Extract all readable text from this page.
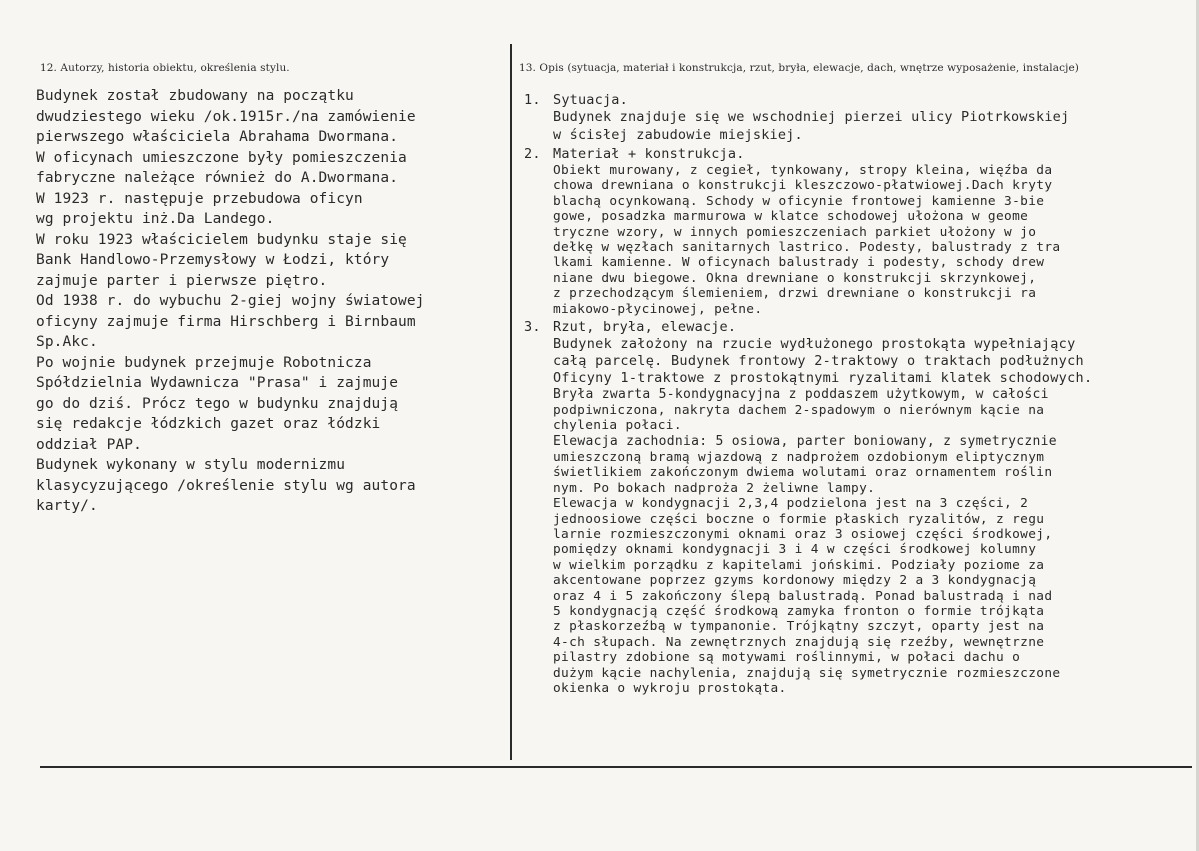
12. Autorzy, historia obiektu, określenia stylu.	13. Opis (sytuacja, materiał i konstrukcja, rzut, bryła, elewacje, dach, wnętrze wyposażenie, instalacje)
Budynek został zbudowany na początku
dwudziestego wieku /ok.1915r./na zamówienie
pierwszego właściciela Abrahama Dwormana.
W oficynach umieszczone były pomieszczenia
fabryczne należące również do A.Dwormana.
W 1923 r. następuje przebudowa oficyn
wg projektu inż.Da Landego.
W roku 1923 właścicielem budynku staje się
Bank Handlowo-Przemysłowy w Łodzi, który
zajmuje parter i pierwsze piętro.
Od 1938 r. do wybuchu 2-giej wojny światowej
oficyny zajmuje firma Hirschberg i Birnbaum
Sp.Akc.
Po wojnie budynek przejmuje Robotnicza
Spółdzielnia Wydawnicza "Prasa" i zajmuje
go do dziś. Prócz tego w budynku znajdują
się redakcje łódzkich gazet oraz łódzki
oddział PAP.
Budynek wykonany w stylu modernizmu
klasycyzującego /określenie stylu wg autora
karty/.
1. Sytuacja.
Budynek znajduje się we wschodniej pierzei ulicy Piotrkowskiej
w ścisłej zabudowie miejskiej.
2. Materiał + konstrukcja.
Obiekt murowany, z cegieł, tynkowany, stropy kleina, więźba da
chowa drewniana o konstrukcji kleszczowo-płatwiowej.Dach kryty
blachą ocynkowaną. Schody w oficynie frontowej kamienne 3-bie
gowe, posadzka marmurowa w klatce schodowej ułożona w geome
tryczne wzory, w innych pomieszczeniach parkiet ułożony w jo
dełkę w węzłach sanitarnych lastrico. Podesty, balustrady z tra
lkami kamienne. W oficynach balustrady i podesty, schody drew
niane dwu biegowe. Okna drewniane o konstrukcji skrzynkowej,
z przechodzącym ślemieniem, drzwi drewniane o konstrukcji ra
miakowo-płycinowej, pełne.
3. Rzut, bryła, elewacje.
Budynek założony na rzucie wydłużonego prostokąta wypełniający
całą parcelę. Budynek frontowy 2-traktowy o traktach podłużnych
Oficyny 1-traktowe z prostokątnymi ryzalitami klatek schodowych.
Bryła zwarta 5-kondygnacyjna z poddaszem użytkowym, w całości
podpiwniczona, nakryta dachem 2-spadowym o nierównym kącie na
chylenia połaci.
Elewacja zachodnia: 5 osiowa, parter boniowany, z symetrycznie
umieszczoną bramą wjazdową z nadprożem ozdobionym eliptycznym
świetlikiem zakończonym dwiema wolutami oraz ornamentem roślin
nym. Po bokach nadproża 2 żeliwne lampy.
Elewacja w kondygnacji 2,3,4 podzielona jest na 3 części, 2
jednoosiowe części boczne o formie płaskich ryzalitów, z regu
larnie rozmieszczonymi oknami oraz 3 osiowej części środkowej,
pomiędzy oknami kondygnacji 3 i 4 w części środkowej kolumny
w wielkim porządku z kapitelami jońskimi. Podziały poziome za
akcentowane poprzez gzyms kordonowy między 2 a 3 kondygnacją
oraz 4 i 5 zakończony ślepą balustradą. Ponad balustradą i nad
5 kondygnacją część środkową zamyka fronton o formie trójkąta
z płaskorzeźbą w tympanonie. Trójkątny szczyt, oparty jest na
4-ch słupach. Na zewnętrznych znajdują się rzeźby, wewnętrzne
pilastry zdobione są motywami roślinnymi, w połaci dachu o
dużym kącie nachylenia, znajdują się symetrycznie rozmieszczone
okienka o wykroju prostokąta.
